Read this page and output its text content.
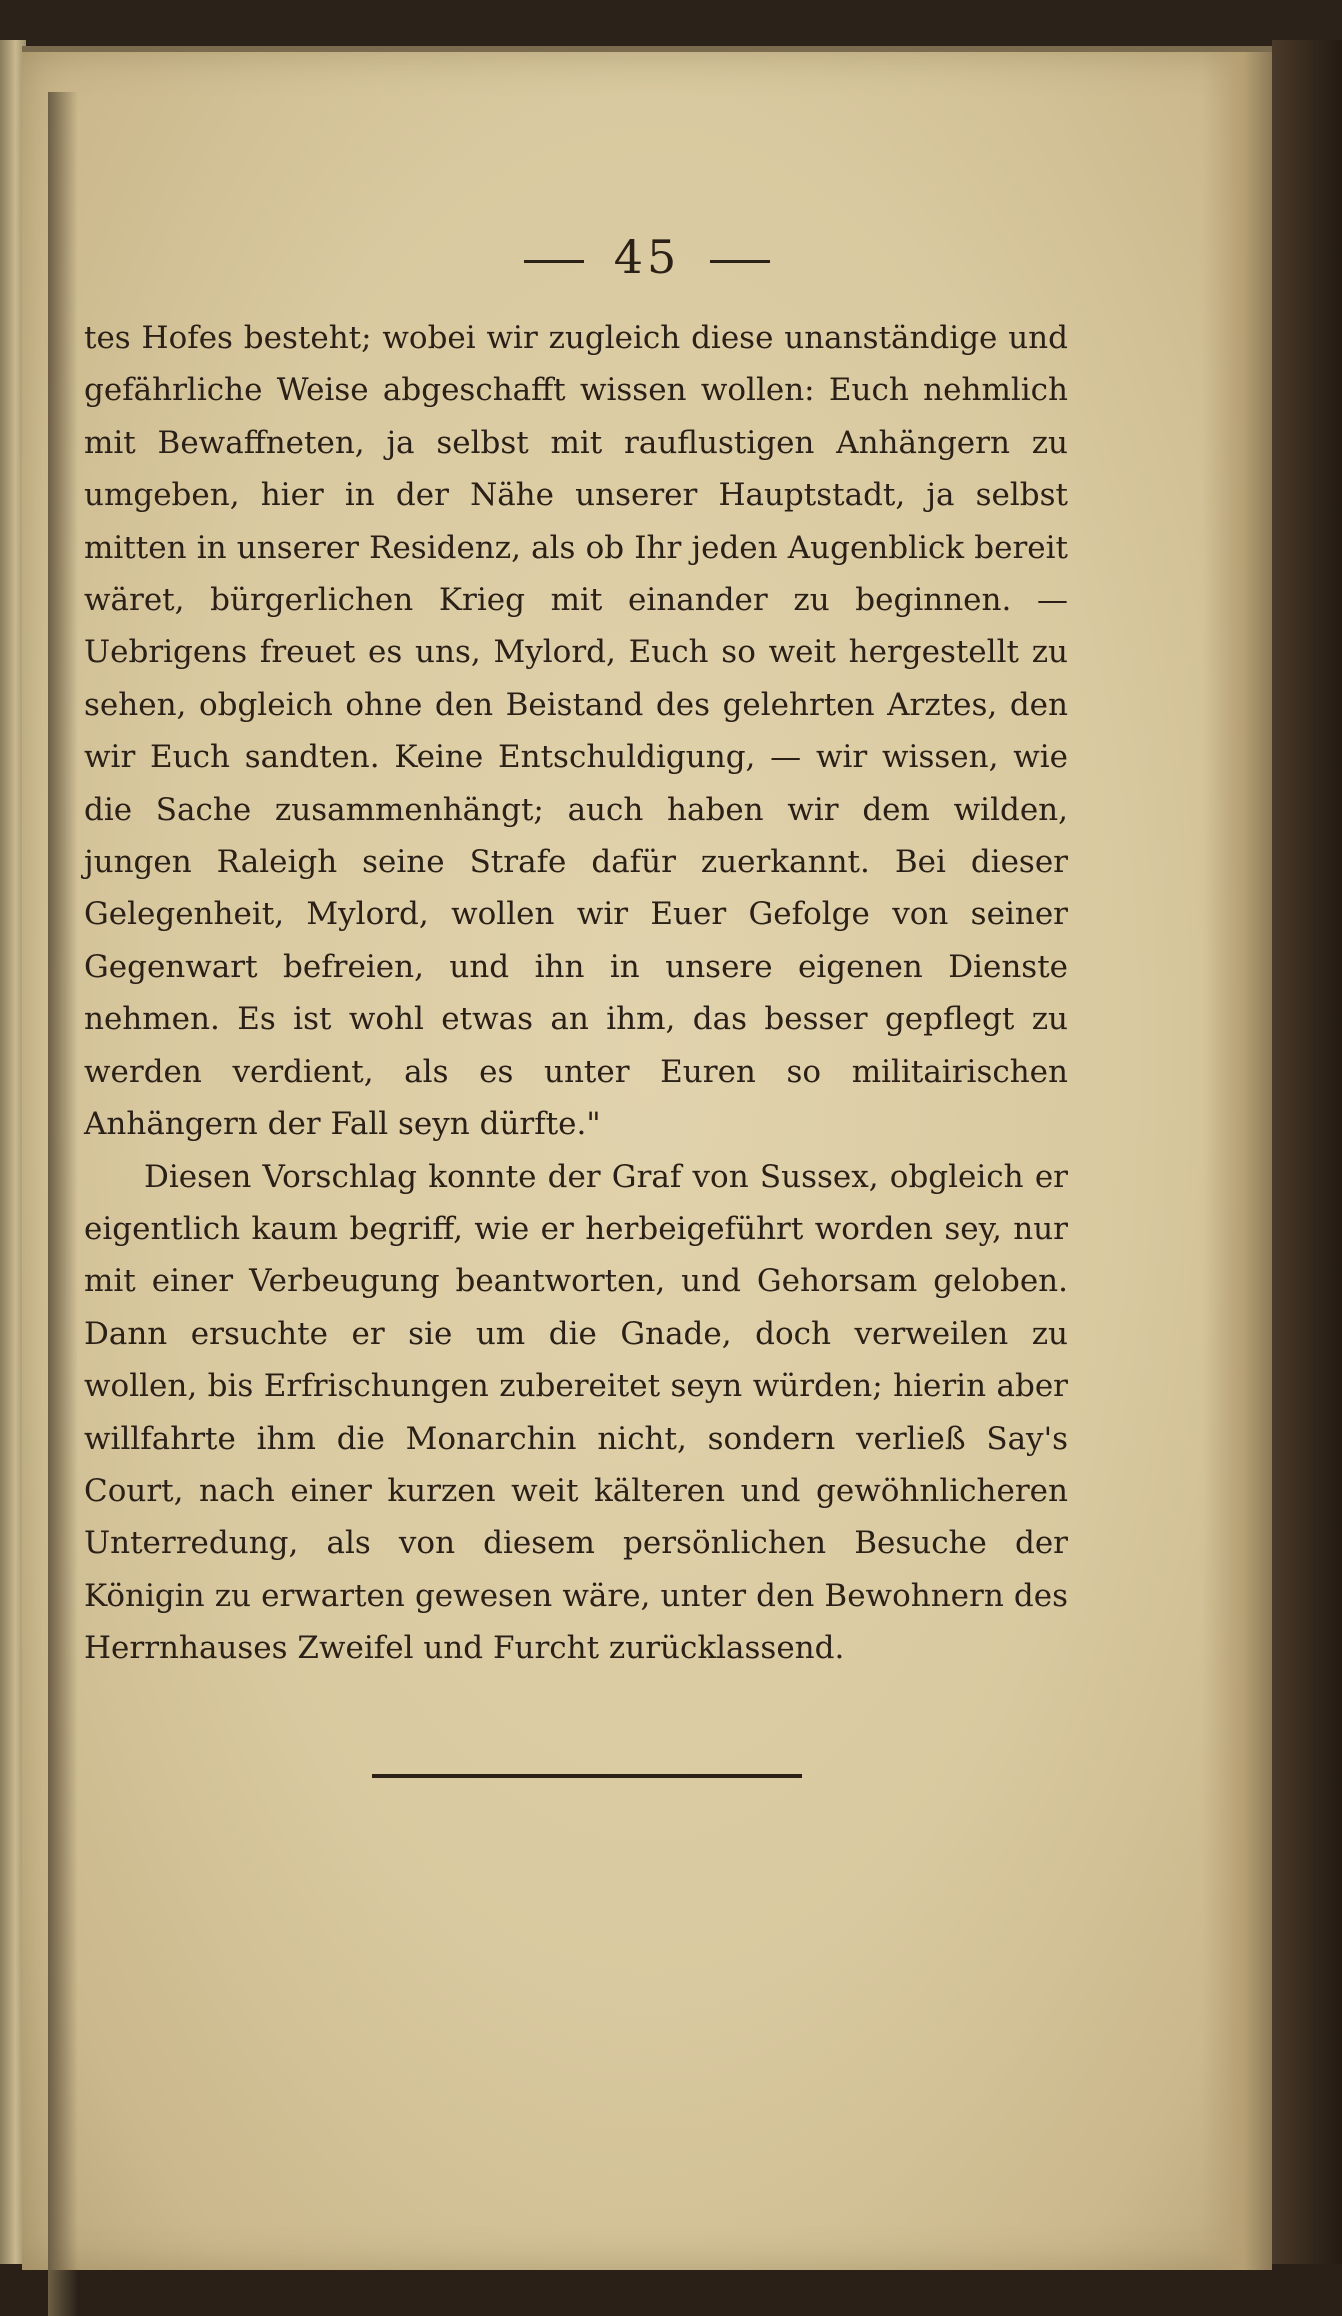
45

tes Hofes besteht; wobei wir zugleich diese unanständige und gefährliche Weise abgeschafft wissen wollen: Euch nehmlich mit Bewaffneten, ja selbst mit rauflustigen Anhängern zu umgeben, hier in der Nähe unserer Hauptstadt, ja selbst mitten in unserer Residenz, als ob Ihr jeden Augenblick bereit wäret, bürgerlichen Krieg mit einander zu beginnen. — Uebrigens freuet es uns, Mylord, Euch so weit hergestellt zu sehen, obgleich ohne den Beistand des gelehrten Arztes, den wir Euch sandten. Keine Entschuldigung, — wir wissen, wie die Sache zusammenhängt; auch haben wir dem wilden, jungen Raleigh seine Strafe dafür zuerkannt. Bei dieser Gelegenheit, Mylord, wollen wir Euer Gefolge von seiner Gegenwart befreien, und ihn in unsere eigenen Dienste nehmen. Es ist wohl etwas an ihm, das besser gepflegt zu werden verdient, als es unter Euren so militairischen Anhängern der Fall seyn dürfte."

Diesen Vorschlag konnte der Graf von Sussex, obgleich er eigentlich kaum begriff, wie er herbeigeführt worden sey, nur mit einer Verbeugung beantworten, und Gehorsam geloben. Dann ersuchte er sie um die Gnade, doch verweilen zu wollen, bis Erfrischungen zubereitet seyn würden; hierin aber willfahrte ihm die Monarchin nicht, sondern verließ Say's Court, nach einer kurzen weit kälteren und gewöhnlicheren Unterredung, als von diesem persönlichen Besuche der Königin zu erwarten gewesen wäre, unter den Bewohnern des Herrnhauses Zweifel und Furcht zurücklassend.
